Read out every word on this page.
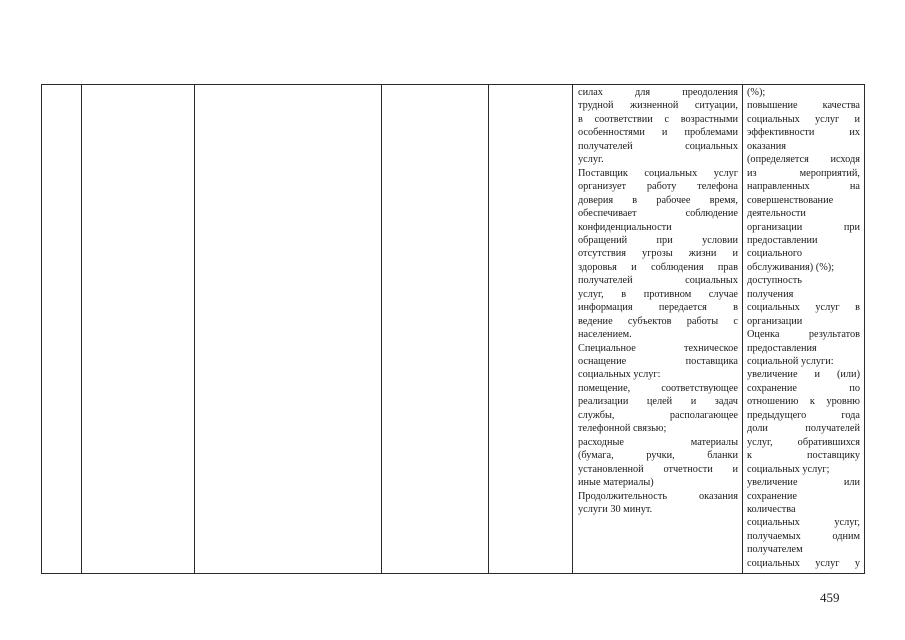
силах для преодоления
трудной жизненной ситуации,
в соответствии с возрастными
особенностями и проблемами
получателей социальных
услуг.
Поставщик социальных услуг
организует работу телефона
доверия в рабочее время,
обеспечивает соблюдение
конфиденциальности
обращений при условии
отсутствия угрозы жизни и
здоровья и соблюдения прав
получателей социальных
услуг, в противном случае
информация передается в
ведение субъектов работы с
населением.
Специальное техническое
оснащение поставщика
социальных услуг:
помещение, соответствующее
реализации целей и задач
службы, располагающее
телефонной связью;
расходные материалы
(бумага, ручки, бланки
установленной отчетности и
иные материалы)
Продолжительность оказания
услуги 30 минут.
(%);
повышение качества
социальных услуг и
эффективности их
оказания
(определяется исходя
из мероприятий,
направленных на
совершенствование
деятельности
организации при
предоставлении
социального
обслуживания) (%);
доступность
получения
социальных услуг в
организации
Оценка результатов
предоставления
социальной услуги:
увеличение и (или)
сохранение по
отношению к уровню
предыдущего года
доли получателей
услуг, обратившихся
к поставщику
социальных услуг;
увеличение или
сохранение
количества
социальных услуг,
получаемых одним
получателем
социальных услуг у
459
